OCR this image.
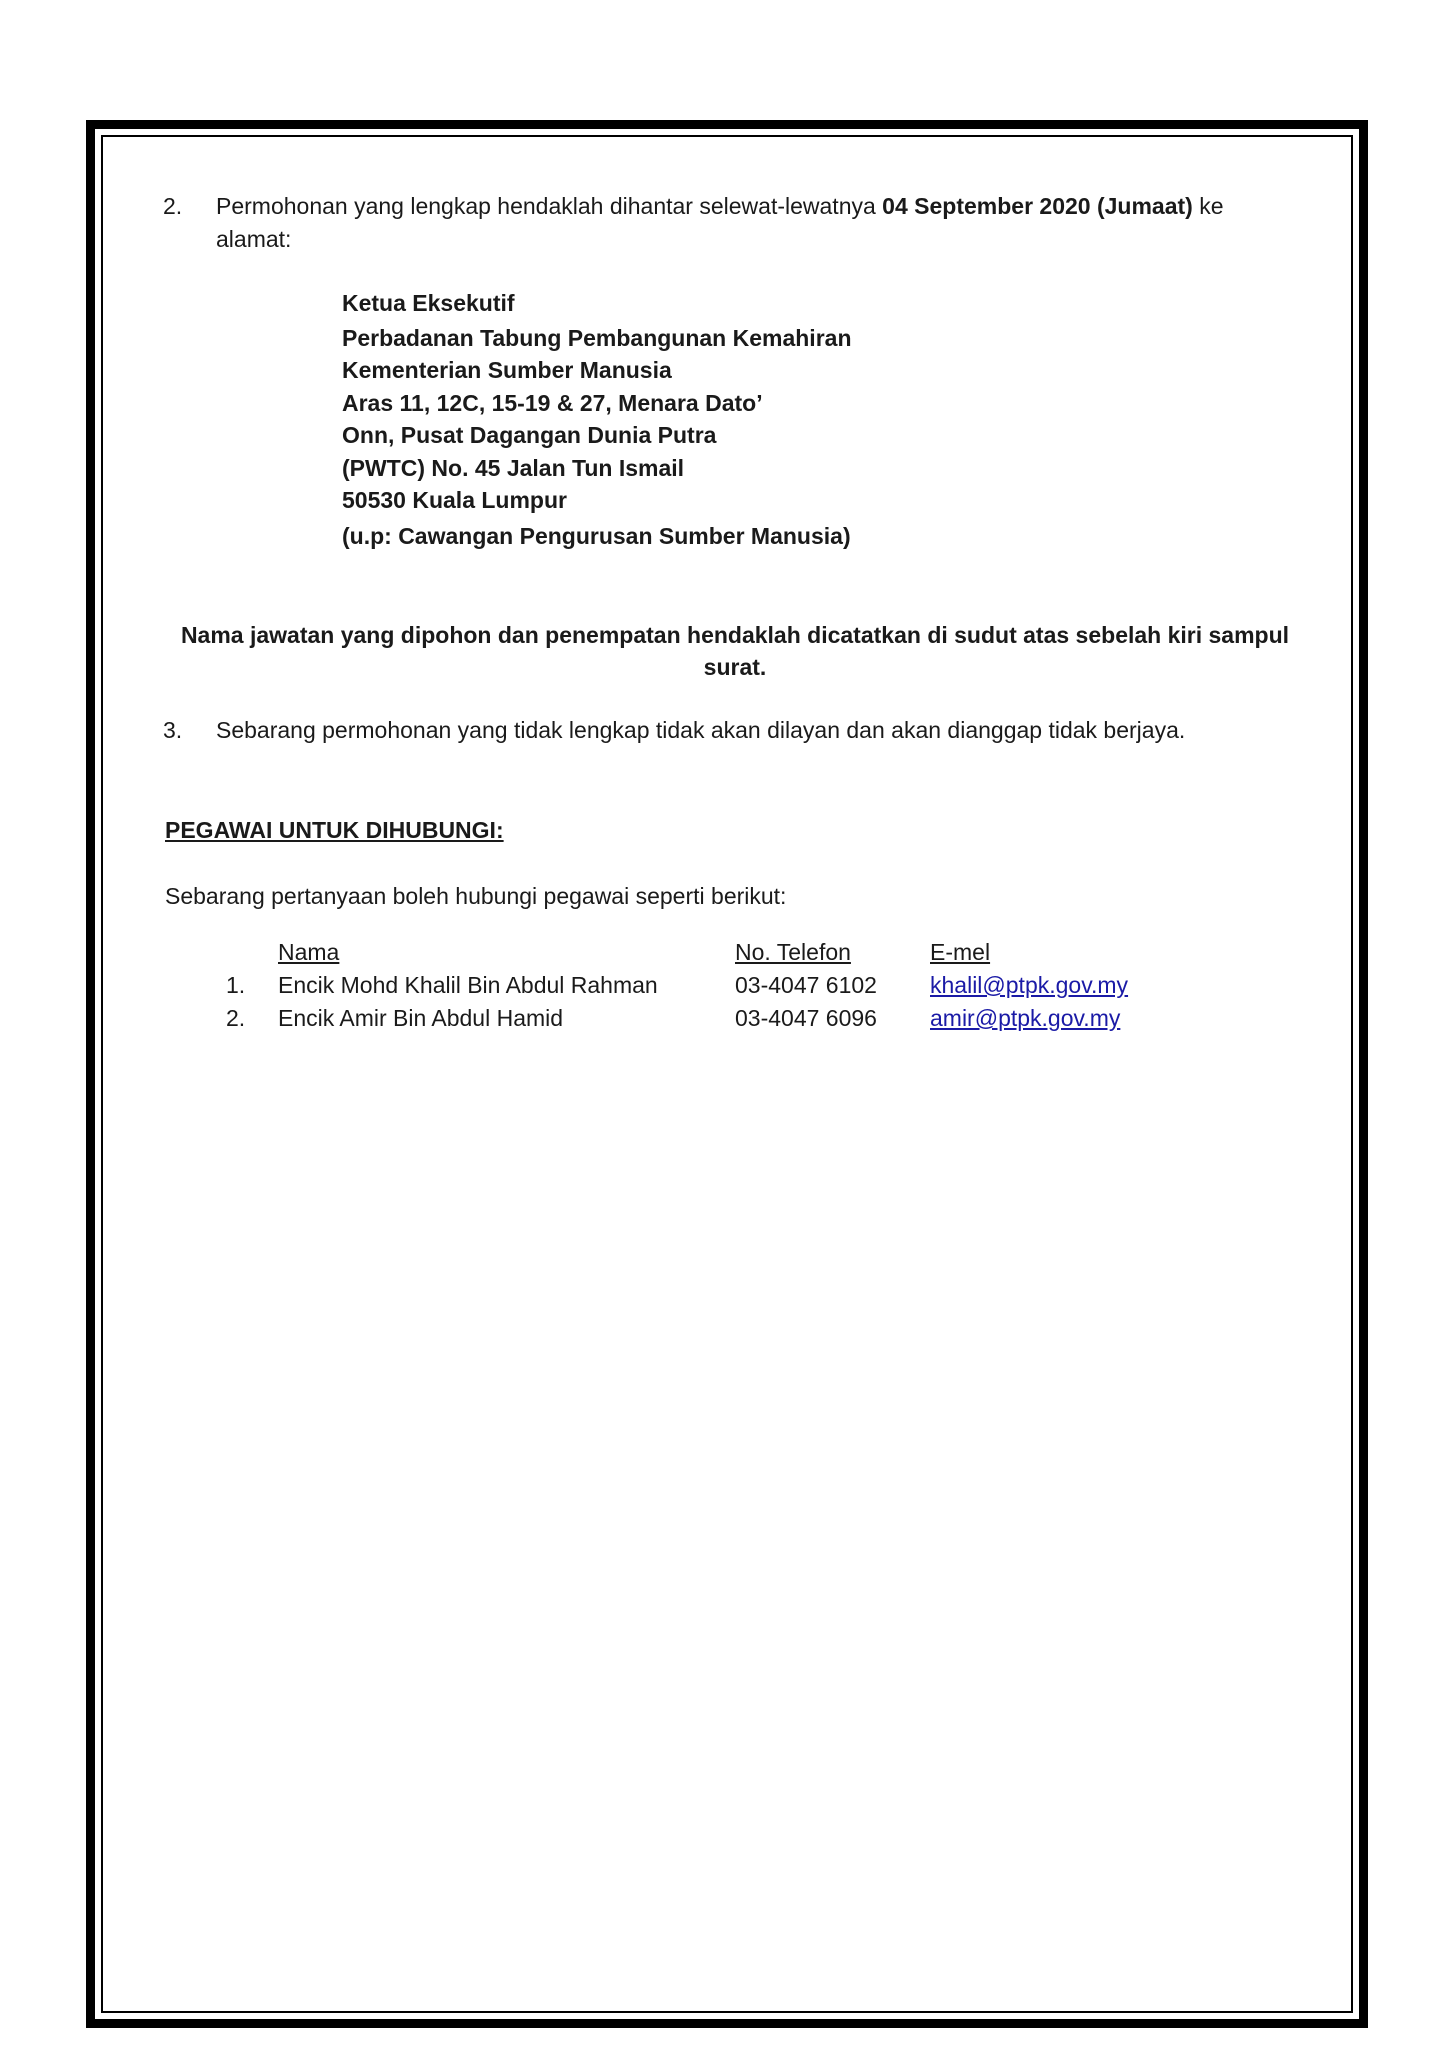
2. Permohonan yang lengkap hendaklah dihantar selewat-lewatnya 04 September 2020 (Jumaat) ke
alamat:
Ketua Eksekutif
Perbadanan Tabung Pembangunan Kemahiran
Kementerian Sumber Manusia
Aras 11, 12C, 15-19 & 27, Menara Dato’
Onn, Pusat Dagangan Dunia Putra
(PWTC) No. 45 Jalan Tun Ismail
50530 Kuala Lumpur
(u.p: Cawangan Pengurusan Sumber Manusia)
Nama jawatan yang dipohon dan penempatan hendaklah dicatatkan di sudut atas sebelah kiri sampul
surat.
3. Sebarang permohonan yang tidak lengkap tidak akan dilayan dan akan dianggap tidak berjaya.
PEGAWAI UNTUK DIHUBUNGI:
Sebarang pertanyaan boleh hubungi pegawai seperti berikut:
Nama	No. Telefon	E-mel
1. Encik Mohd Khalil Bin Abdul Rahman	03-4047 6102 khalil@ptpk.gov.my
2. Encik Amir Bin Abdul Hamid	03-4047 6096 amir@ptpk.gov.my
